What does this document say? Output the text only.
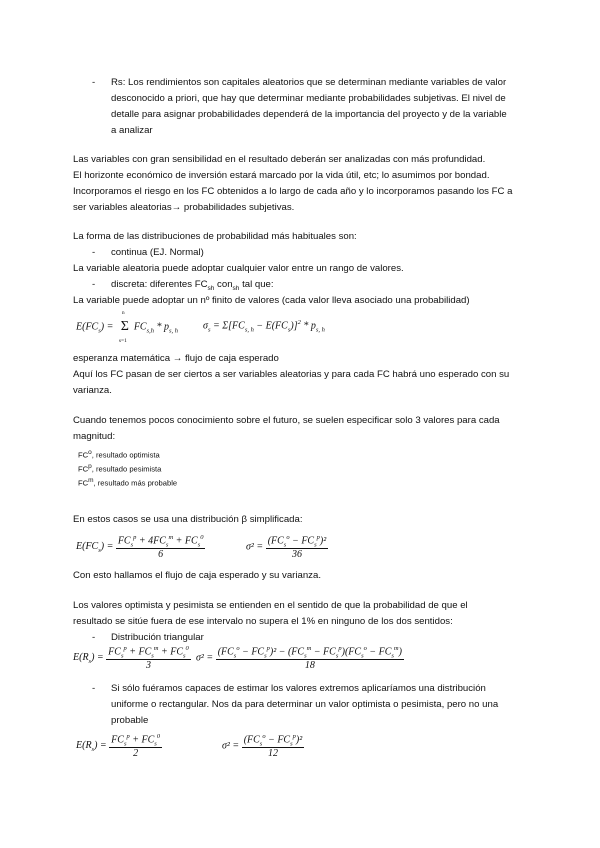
- Rs: Los rendimientos son capitales aleatorios que se determinan mediante variables de valor
desconocido a priori, que hay que determinar mediante probabilidades subjetivas. El nivel de
detalle para asignar probabilidades dependerá de la importancia del proyecto y de la variable
a analizar
Las variables con gran sensibilidad en el resultado deberán ser analizadas con más profundidad.
El horizonte económico de inversión estará marcado por la vida útil, etc; lo asumimos por bondad.
Incorporamos el riesgo en los FC obtenidos a lo largo de cada año y lo incorporamos pasando los FC a
ser variables aleatorias→ probabilidades subjetivas.
La forma de las distribuciones de probabilidad más habituales son:
- continua (EJ. Normal)
La variable aleatoria puede adoptar cualquier valor entre un rango de valores.
- discreta: diferentes $FC_{sh}$ con$_{sh}$ tal que:
La variable puede adoptar un nº finito de valores (cada valor lleva asociado una probabilidad)
$E(FC_s)$ =
n
Σ
s=1
$FC_{s,h} * p_{s, h}$ $\sigma_s = \Sigma[FC_{s, h} - E(FC_s)]^2 * p_{s, h}$
esperanza matemática → flujo de caja esperado
Aquí los FC pasan de ser ciertos a ser variables aleatorias y para cada FC habrá uno esperado con su
varianza.
Cuando tenemos pocos conocimiento sobre el futuro, se suelen especificar solo 3 valores para cada
magnitud:
$FC^o$, resultado optimista
$FC^p$, resultado pesimista
$FC^m$, resultado más probable
En estos casos se usa una distribución β simplificada:
$E(FC_s) = \frac{FC_s^p + 4FC_s^m + FC_s^0}{6}$	$\sigma^2 = \frac{(FC_s^o - FC_s^p)^2}{36}$
Con esto hallamos el flujo de caja esperado y su varianza.
Los valores optimista y pesimista se entienden en el sentido de que la probabilidad de que el
resultado se sitúe fuera de ese intervalo no supera el 1% en ninguno de los dos sentidos:
- Distribución triangular
$E(R_s) = \frac{FC_s^p + FC_s^m + FC_s^0}{3} \sigma^2 = \frac{(FC_s^o - FC_s^p)^2 - (FC_s^m - FC_s^p)(FC_s^o - FC_s^m)}{18}$
- Si sólo fuéramos capaces de estimar los valores extremos aplicaríamos una distribución
uniforme o rectangular. Nos da para determinar un valor optimista o pesimista, pero no una
probable
$E(R_s) = \frac{FC_s^p + FC_s^0}{2}$	$\sigma^2 = \frac{(FC_s^o - FC_s^p)^2}{12}$
